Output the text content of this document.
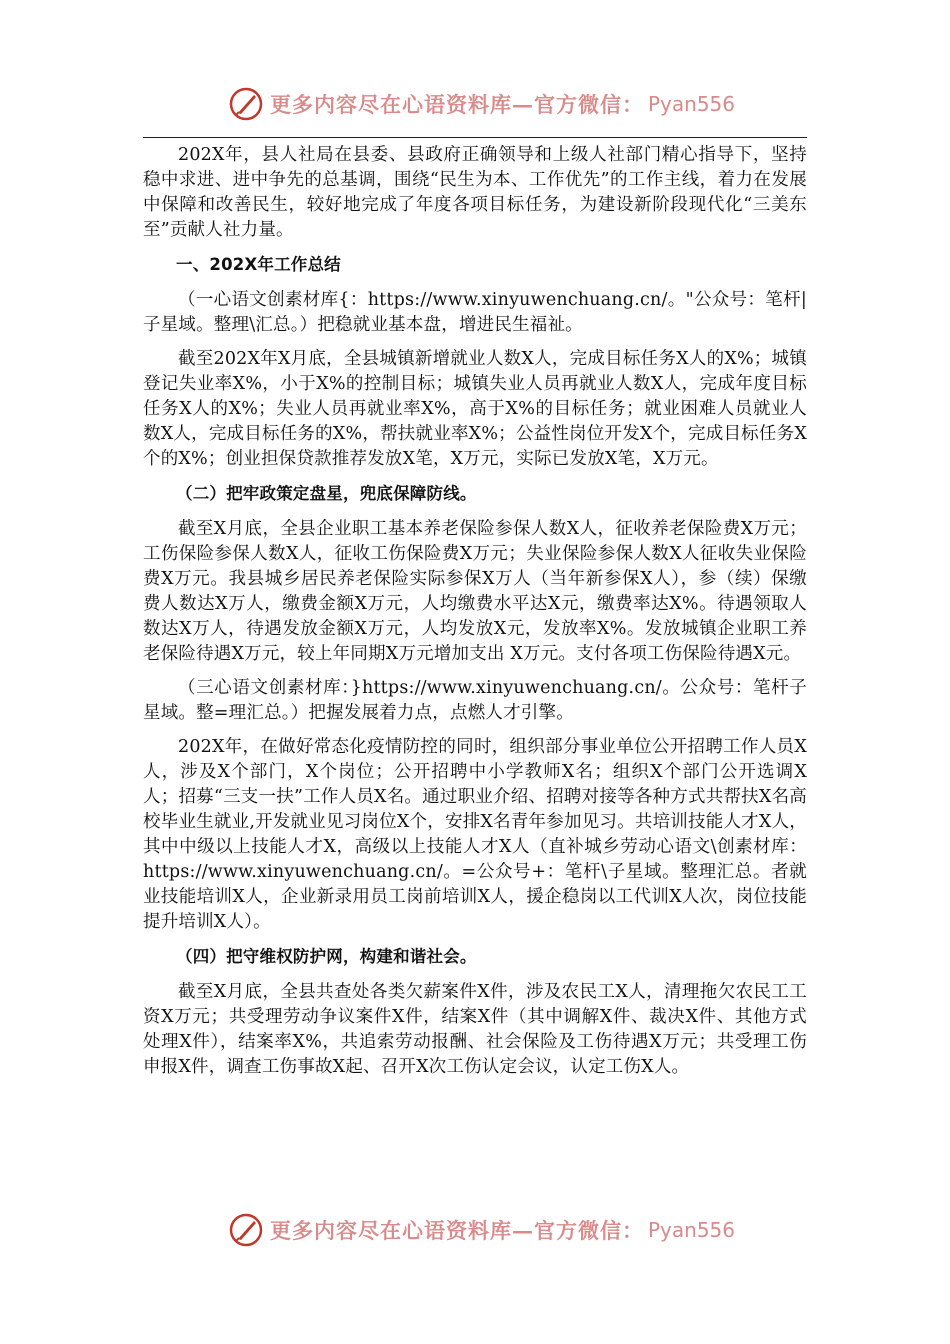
更多内容尽在心语资料库—官方微信： Pyan556

202X年，县人社局在县委、县政府正确领导和上级人社部门精心指导下，坚持稳中求进、进中争先的总基调，围绕“民生为本、工作优先”的工作主线，着力在发展中保障和改善民生，较好地完成了年度各项目标任务，为建设新阶段现代化“三美东至”贡献人社力量。

一、202X年工作总结

（一心语文创素材库{：https://www.xinyuwenchuang.cn/。"公众号：笔杆|子星域。整理\汇总。）把稳就业基本盘，增进民生福祉。

截至202X年X月底，全县城镇新增就业人数X人，完成目标任务X人的X%；城镇登记失业率X%，小于X%的控制目标；城镇失业人员再就业人数X人，完成年度目标任务X人的X%；失业人员再就业率X%，高于X%的目标任务；就业困难人员就业人数X人，完成目标任务的X%，帮扶就业率X%；公益性岗位开发X个，完成目标任务X个的X%；创业担保贷款推荐发放X笔，X万元，实际已发放X笔，X万元。

（二）把牢政策定盘星，兜底保障防线。

截至X月底，全县企业职工基本养老保险参保人数X人，征收养老保险费X万元；工伤保险参保人数X人，征收工伤保险费X万元；失业保险参保人数X人征收失业保险费X万元。我县城乡居民养老保险实际参保X万人（当年新参保X人），参（续）保缴费人数达X万人，缴费金额X万元，人均缴费水平达X元，缴费率达X%。待遇领取人数达X万人，待遇发放金额X万元，人均发放X元，发放率X%。发放城镇企业职工养老保险待遇X万元，较上年同期X万元增加支出 X万元。支付各项工伤保险待遇X元。

（三心语文创素材库：}https://www.xinyuwenchuang.cn/。公众号：笔杆子星域。整=理汇总。）把握发展着力点，点燃人才引擎。

202X年，在做好常态化疫情防控的同时，组织部分事业单位公开招聘工作人员X人，涉及X个部门，X个岗位；公开招聘中小学教师X名；组织X个部门公开选调X人；招募“三支一扶”工作人员X名。通过职业介绍、招聘对接等各种方式共帮扶X名高校毕业生就业,开发就业见习岗位X个，安排X名青年参加见习。共培训技能人才X人，其中中级以上技能人才X，高级以上技能人才X人（直补城乡劳动心语文\创素材库：https://www.xinyuwenchuang.cn/。=公众号+：笔杆\子星域。整理汇总。者就业技能培训X人，企业新录用员工岗前培训X人，援企稳岗以工代训X人次，岗位技能提升培训X人）。

（四）把守维权防护网，构建和谐社会。

截至X月底，全县共查处各类欠薪案件X件，涉及农民工X人，清理拖欠农民工工资X万元；共受理劳动争议案件X件，结案X件（其中调解X件、裁决X件、其他方式处理X件），结案率X%，共追索劳动报酬、社会保险及工伤待遇X万元；共受理工伤申报X件，调查工伤事故X起、召开X次工伤认定会议，认定工伤X人。

更多内容尽在心语资料库—官方微信： Pyan556
